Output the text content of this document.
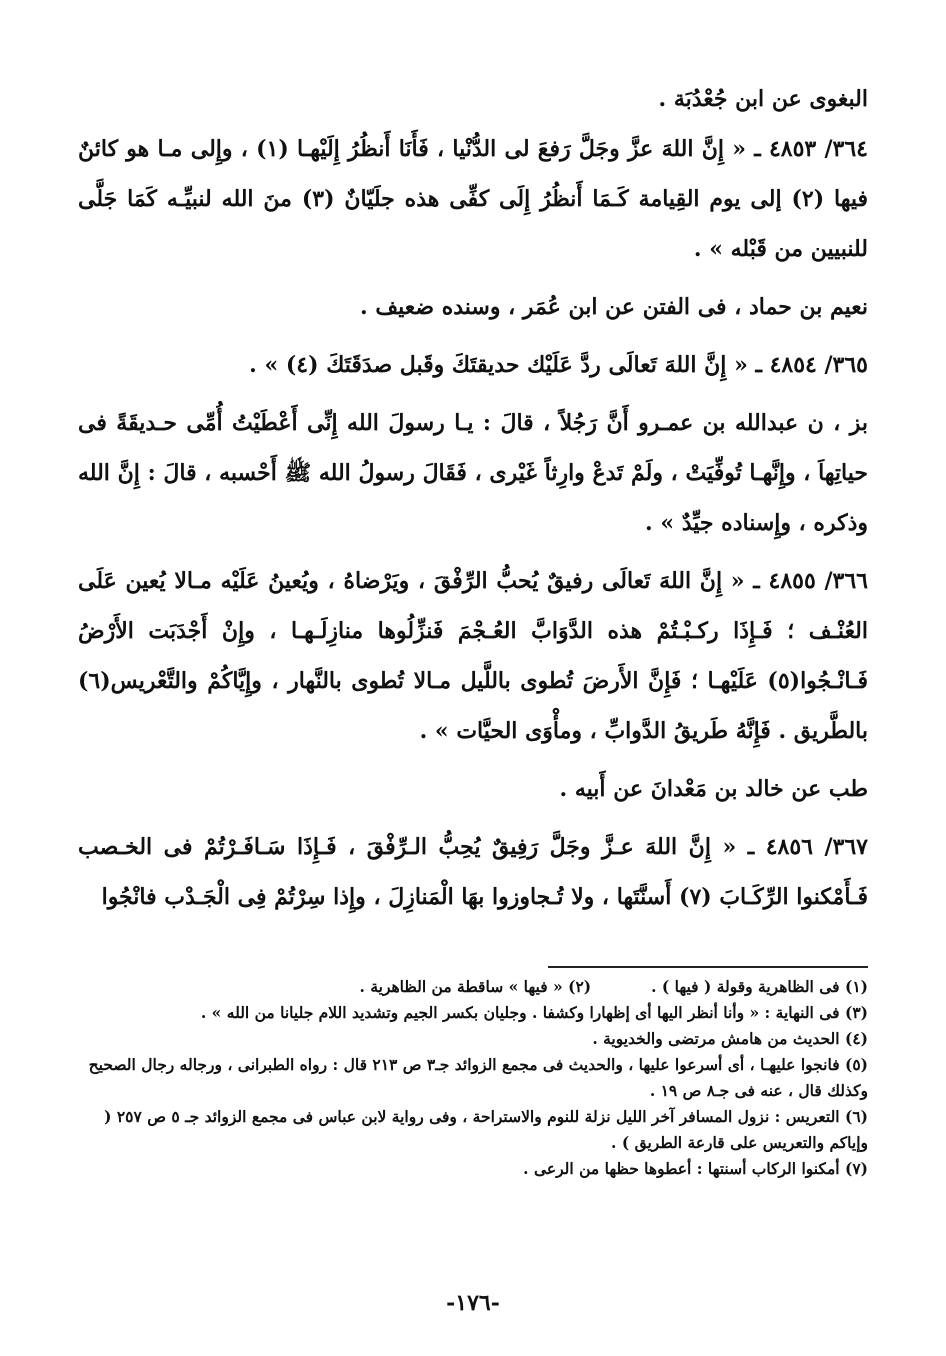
البغوى عن ابن جُعْدُبَة .

٣٦٤/ ٤٨٥٣ ـ « إِنَّ اللهَ عزَّ وجَلَّ رَفعَ لى الدُّنْيا ، فَأَنَا أَنظُرُ إِلَيْهـا (١) ، وإِلى مـا هو كائنٌ فيها (٢) إلى يوم القِيامة كَـمَا أَنظُرُ إِلَى كفِّى هذه جلَيّانٌ (٣) منَ الله لنبيِّـه كَمَا جَلَّى للنبيين من قَبْله » .

نعيم بن حماد ، فى الفتن عن ابن عُمَر ، وسنده ضعيف .

٣٦٥/ ٤٨٥٤ ـ « إِنَّ اللهَ تَعالَى ردَّ عَلَيْك حديقتَكَ وقَبل صدَقَتَكَ (٤) » .

بز ، ن عبدالله بن عمـرو أَنَّ رَجُلاً ، قالَ : يـا رسولَ الله إِنِّى أَعْطَيْتُ أُمِّى حـديقَةً فى حياتِهاَ ، وإِنَّهـا تُوفِّيَتْ ، ولَمْ تَدعْ وارِثاً غَيْرى ، فَقَالَ رسولُ الله ﷺ أَحْسبه ، قالَ : إِنَّ الله وذكره ، وإِسناده جيِّدٌ » .

٣٦٦/ ٤٨٥٥ ـ « إِنَّ اللهَ تَعالَى رفيقٌ يُحبُّ الرِّفْقَ ، ويَرْضاهُ ، ويُعينُ عَلَيْه مـالا يُعين عَلَى العُنْـف ؛ فَـإِذَا ركـبْـتُمْ هذه الدَّوَابَّ العُـجْمَ فَنزِّلُوها منازِلَـهـا ، وإِنْ أَجْدَبَت الأَرْضُ فَـانْـجُوا(٥) عَلَيْهـا ؛ فَإِنَّ الأَرضَ تُطوى باللَّيل مـالا تُطوى بالنَّهار ، وإِيَّاكُمْ والتَّعْريس(٦) بالطَّريق . فَإِنَّهُ طَريقُ الدَّوابِّ ، ومأْوَى الحيَّات » .

طب عن خالد بن مَعْدانَ عن أَبيه .

٣٦٧/ ٤٨٥٦ ـ « إِنَّ اللهَ عـزَّ وجَلَّ رَفِيقٌ يُحِبُّ الـرِّفْقَ ، فَـإِذَا سَـافَـرْتُمْ فى الخـصب فَـأَمْكنوا الرِّكَـابَ (٧) أَسنَّتَها ، ولا تُـجاوزوا بهَا الْمَنازِلَ ، وإِذا سِرْتُمْ فِى الْجَـدْب فانْجُوا

(١) فى الظاهرية وقولة ( فيها ) .

(٢) « فيها » ساقطة من الظاهرية .

(٣) فى النهاية : « وأنا أنظر اليها أى إظهارا وكشفا . وجليان بكسر الجيم وتشديد اللام جليانا من الله » .

(٤) الحديث من هامش مرتضى والخديوية .

(٥) فانجوا عليهـا ، أى أسرعوا عليها ، والحديث فى مجمع الزوائد جـ٣ ص ٢١٣ قال : رواه الطبرانى ، ورجاله رجال الصحيح وكذلك قال ، عنه فى جـ٨ ص ١٩ .

(٦) التعريس : نزول المسافر آخر الليل نزلة للنوم والاستراحة ، وفى رواية لابن عباس فى مجمع الزوائد جـ ٥ ص ٢٥٧ ( وإياكم والتعريس على قارعة الطريق ) .

(٧) أمكنوا الركاب أسنتها : أعطوها حظها من الرعى .

-١٧٦-
